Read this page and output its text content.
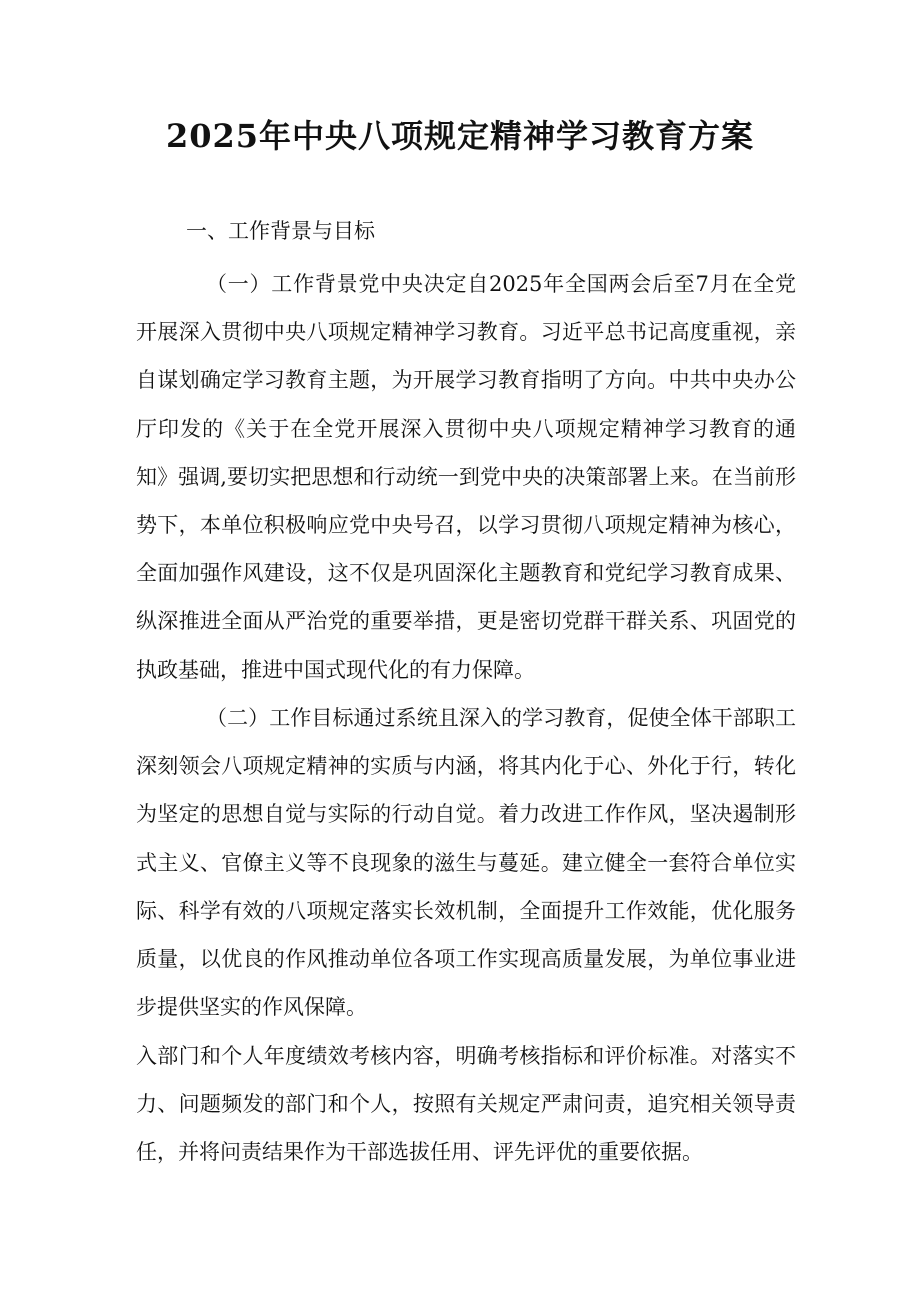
2025年中央八项规定精神学习教育方案

一、工作背景与目标

（一）工作背景党中央决定自2025年全国两会后至7月在全党开展深入贯彻中央八项规定精神学习教育。习近平总书记高度重视，亲自谋划确定学习教育主题，为开展学习教育指明了方向。中共中央办公厅印发的《关于在全党开展深入贯彻中央八项规定精神学习教育的通知》强调,要切实把思想和行动统一到党中央的决策部署上来。在当前形势下，本单位积极响应党中央号召，以学习贯彻八项规定精神为核心，全面加强作风建设，这不仅是巩固深化主题教育和党纪学习教育成果、纵深推进全面从严治党的重要举措，更是密切党群干群关系、巩固党的执政基础，推进中国式现代化的有力保障。

（二）工作目标通过系统且深入的学习教育，促使全体干部职工深刻领会八项规定精神的实质与内涵，将其内化于心、外化于行，转化为坚定的思想自觉与实际的行动自觉。着力改进工作作风，坚决遏制形式主义、官僚主义等不良现象的滋生与蔓延。建立健全一套符合单位实际、科学有效的八项规定落实长效机制，全面提升工作效能，优化服务质量，以优良的作风推动单位各项工作实现高质量发展，为单位事业进步提供坚实的作风保障。

入部门和个人年度绩效考核内容，明确考核指标和评价标准。对落实不力、问题频发的部门和个人，按照有关规定严肃问责，追究相关领导责任，并将问责结果作为干部选拔任用、评先评优的重要依据。
